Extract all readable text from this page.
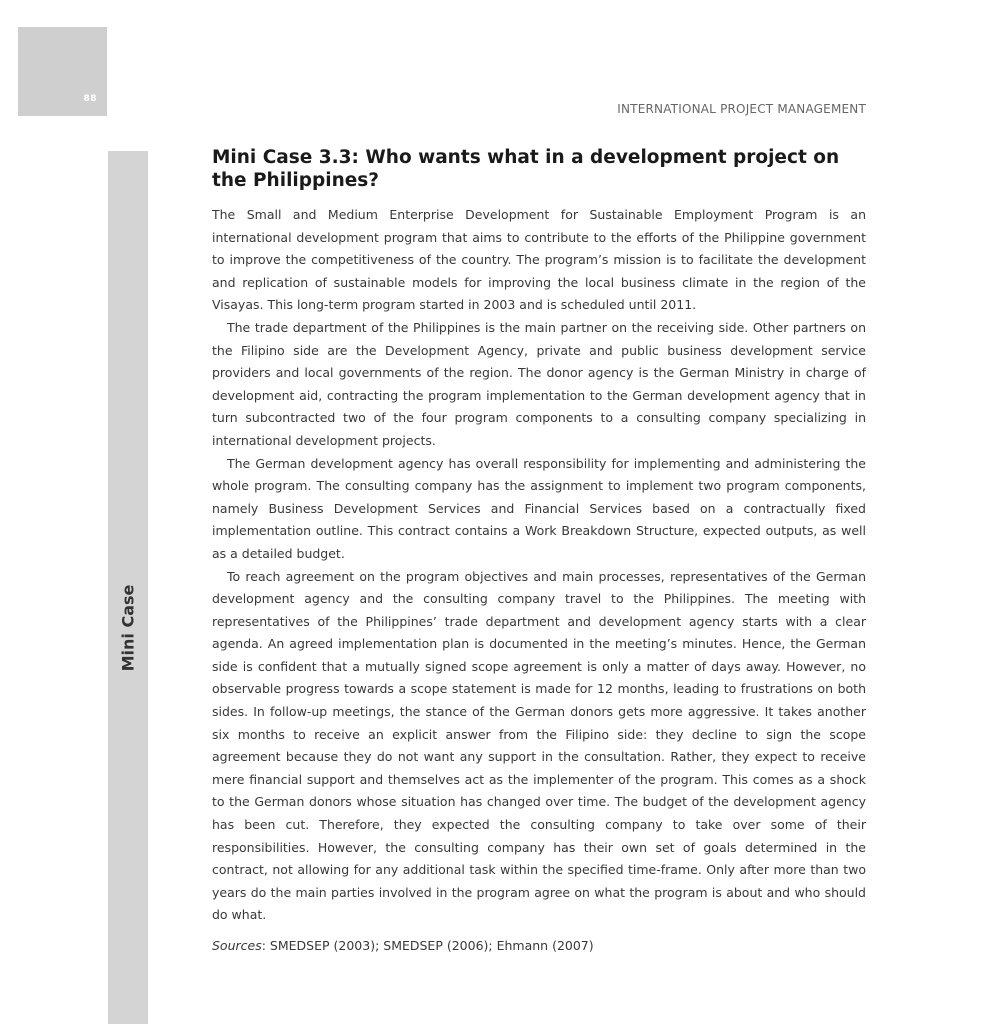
88
INTERNATIONAL PROJECT MANAGEMENT
Mini Case
Mini Case 3.3: Who wants what in a development project on the Philippines?

The Small and Medium Enterprise Development for Sustainable Employment Program is an international development program that aims to contribute to the efforts of the Philippine government to improve the competitiveness of the country. The program’s mission is to facilitate the development and replication of sustainable models for improving the local business climate in the region of the Visayas. This long-term program started in 2003 and is scheduled until 2011.

The trade department of the Philippines is the main partner on the receiving side. Other partners on the Filipino side are the Development Agency, private and public business development service providers and local governments of the region. The donor agency is the German Ministry in charge of development aid, contracting the program implementation to the German development agency that in turn subcontracted two of the four program components to a consulting company specializing in international development projects.

The German development agency has overall responsibility for implementing and administering the whole program. The consulting company has the assignment to implement two program components, namely Business Development Services and Financial Services based on a contractually fixed implementation outline. This contract contains a Work Breakdown Structure, expected outputs, as well as a detailed budget.

To reach agreement on the program objectives and main processes, representatives of the German development agency and the consulting company travel to the Philippines. The meeting with representatives of the Philippines’ trade department and development agency starts with a clear agenda. An agreed implementation plan is documented in the meeting’s minutes. Hence, the German side is confident that a mutually signed scope agreement is only a matter of days away. However, no observable progress towards a scope statement is made for 12 months, leading to frustrations on both sides. In follow-up meetings, the stance of the German donors gets more aggressive. It takes another six months to receive an explicit answer from the Filipino side: they decline to sign the scope agreement because they do not want any support in the consultation. Rather, they expect to receive mere financial support and themselves act as the implementer of the program. This comes as a shock to the German donors whose situation has changed over time. The budget of the development agency has been cut. Therefore, they expected the consulting company to take over some of their responsibilities. However, the consulting company has their own set of goals determined in the contract, not allowing for any additional task within the specified time-frame. Only after more than two years do the main parties involved in the program agree on what the program is about and who should do what.

Sources: SMEDSEP (2003); SMEDSEP (2006); Ehmann (2007)
